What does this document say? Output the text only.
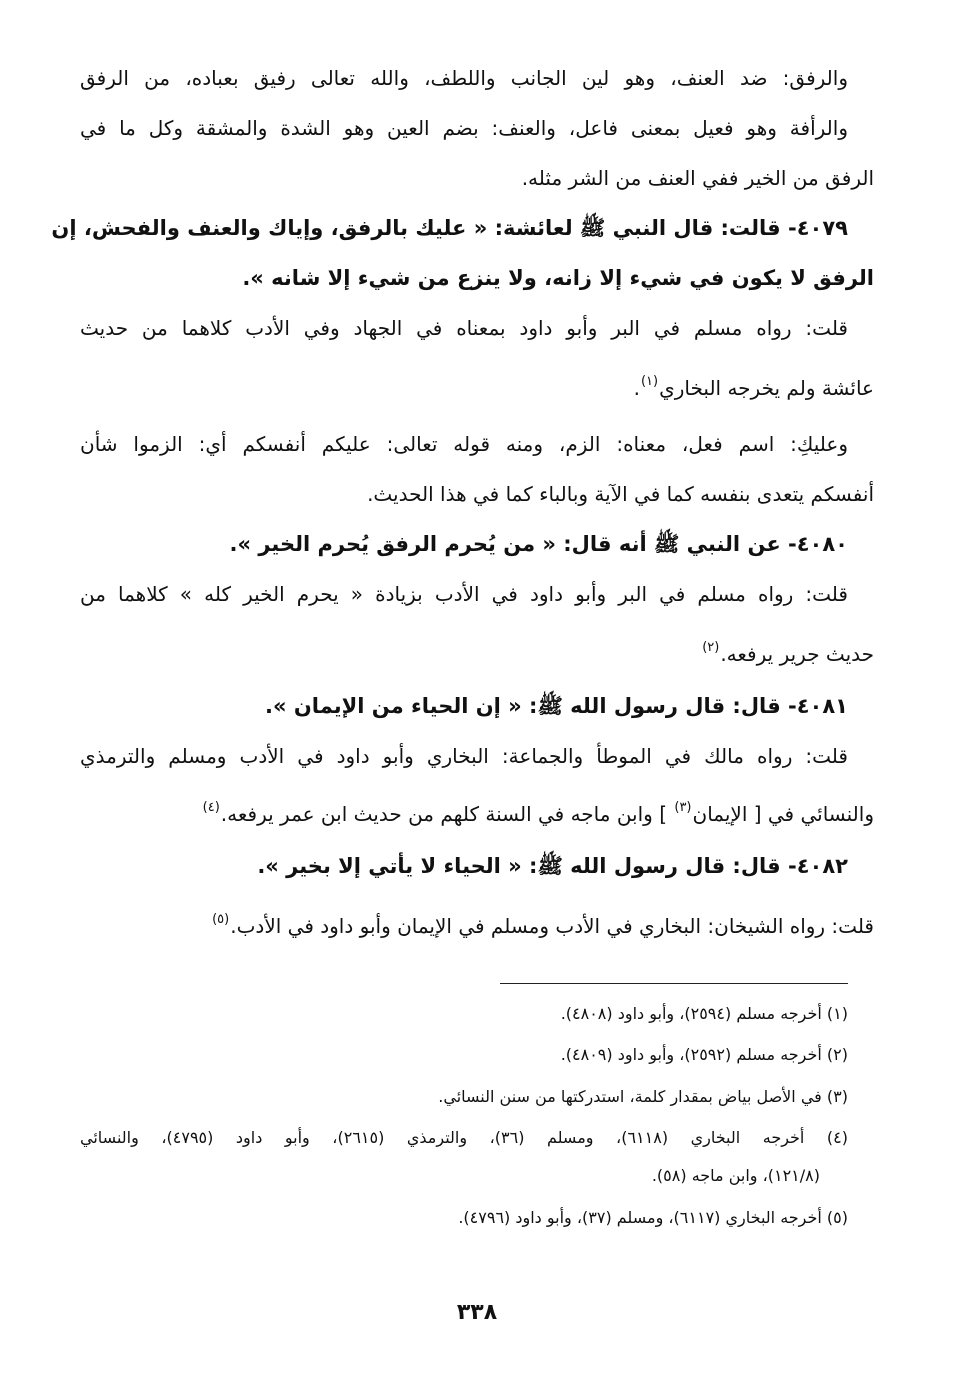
والرفق: ضد العنف، وهو لين الجانب واللطف، والله تعالى رفيق بعباده، من الرفق
والرأفة وهو فعيل بمعنى فاعل، والعنف: بضم العين وهو الشدة والمشقة وكل ما في
الرفق من الخير ففي العنف من الشر مثله.
٤٠٧٩- قالت: قال النبي ﷺ لعائشة: « عليك بالرفق، وإياك والعنف والفحش، إن
الرفق لا يكون في شيء إلا زانه، ولا ينزع من شيء إلا شانه ».
قلت: رواه مسلم في البر وأبو داود بمعناه في الجهاد وفي الأدب كلاهما من حديث
عائشة ولم يخرجه البخاري$^{(١)}$.
وعليكِ: اسم فعل، معناه: الزم، ومنه قوله تعالى: عليكم أنفسكم أي: الزموا شأن
أنفسكم يتعدى بنفسه كما في الآية وبالباء كما في هذا الحديث.
٤٠٨٠- عن النبي ﷺ أنه قال: « من يُحرم الرفق يُحرم الخير ».
قلت: رواه مسلم في البر وأبو داود في الأدب بزيادة « يحرم الخير كله » كلاهما من
حديث جرير يرفعه.$^{(٢)}$
٤٠٨١- قال: قال رسول الله ﷺ: « إن الحياء من الإيمان ».
قلت: رواه مالك في الموطأ والجماعة: البخاري وأبو داود في الأدب ومسلم والترمذي
والنسائي في [ الإيمان$^{(٣)}$ ] وابن ماجه في السنة كلهم من حديث ابن عمر يرفعه.$^{(٤)}$
٤٠٨٢- قال: قال رسول الله ﷺ: « الحياء لا يأتي إلا بخير ».
قلت: رواه الشيخان: البخاري في الأدب ومسلم في الإيمان وأبو داود في الأدب.$^{(٥)}$
(١) أخرجه مسلم (٢٥٩٤)، وأبو داود (٤٨٠٨).
(٢) أخرجه مسلم (٢٥٩٢)، وأبو داود (٤٨٠٩).
(٣) في الأصل بياض بمقدار كلمة، استدركتها من سنن النسائي.
(٤) أخرجه البخاري (٦١١٨)، ومسلم (٣٦)، والترمذي (٢٦١٥)، وأبو داود (٤٧٩٥)، والنسائي
(١٢١/٨)، وابن ماجه (٥٨).
(٥) أخرجه البخاري (٦١١٧)، ومسلم (٣٧)، وأبو داود (٤٧٩٦).
٣٣٨
